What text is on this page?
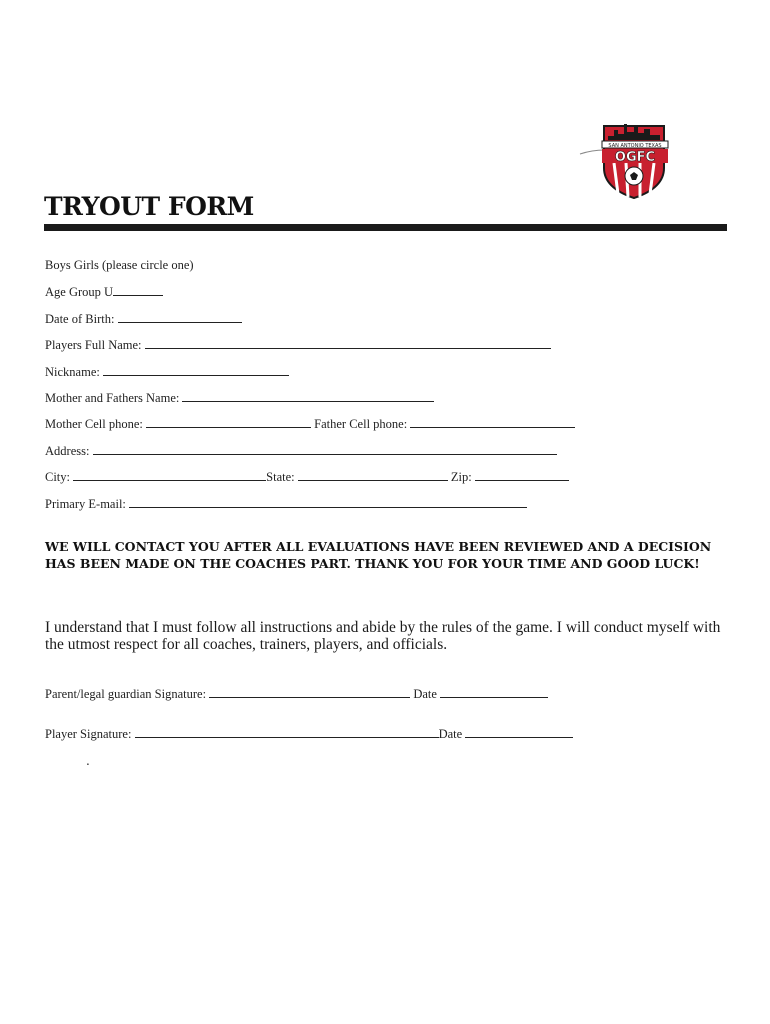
SAN ANTONIO TEXAS
OGFC
TRYOUT FORM
Boys Girls (please circle one)
Age Group U
Date of Birth:
Players Full Name:
Nickname:
Mother and Fathers Name:
Mother Cell phone:	Father Cell phone:
Address:
City:	State:	Zip:
Primary E-mail:

WE WILL CONTACT YOU AFTER ALL EVALUATIONS HAVE BEEN REVIEWED AND A DECISION HAS BEEN MADE ON THE COACHES PART. THANK YOU FOR YOUR TIME AND GOOD LUCK!

I understand that I must follow all instructions and abide by the rules of the game. I will conduct myself with the utmost respect for all coaches, trainers, players, and officials.

Parent/legal guardian Signature:	Date
Player Signature:	Date
.
